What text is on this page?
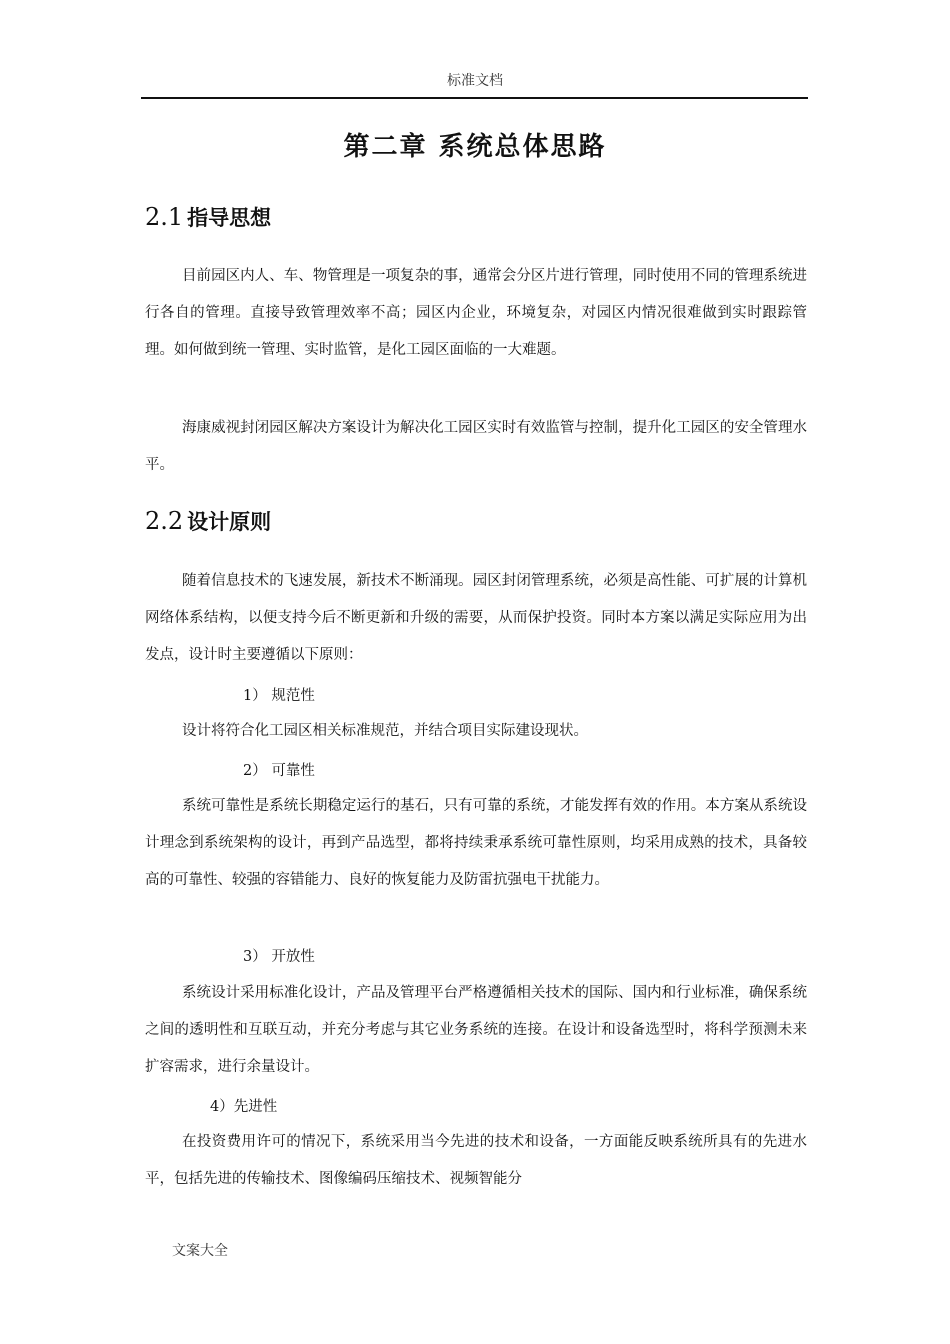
标准文档
第二章 系统总体思路
2.1 指导思想

目前园区内人、车、物管理是一项复杂的事，通常会分区片进行管理，同时使用不同的管理系统进行各自的管理。直接导致管理效率不高；园区内企业，环境复杂，对园区内情况很难做到实时跟踪管理。如何做到统一管理、实时监管，是化工园区面临的一大难题。

海康威视封闭园区解决方案设计为解决化工园区实时有效监管与控制，提升化工园区的安全管理水平。

2.2 设计原则

随着信息技术的飞速发展，新技术不断涌现。园区封闭管理系统，必须是高性能、可扩展的计算机网络体系结构，以便支持今后不断更新和升级的需要，从而保护投资。同时本方案以满足实际应用为出发点，设计时主要遵循以下原则：

1） 规范性

设计将符合化工园区相关标准规范，并结合项目实际建设现状。

2） 可靠性

系统可靠性是系统长期稳定运行的基石，只有可靠的系统，才能发挥有效的作用。本方案从系统设计理念到系统架构的设计，再到产品选型，都将持续秉承系统可靠性原则，均采用成熟的技术，具备较高的可靠性、较强的容错能力、良好的恢复能力及防雷抗强电干扰能力。

3） 开放性

系统设计采用标准化设计，产品及管理平台严格遵循相关技术的国际、国内和行业标准，确保系统之间的透明性和互联互动，并充分考虑与其它业务系统的连接。在设计和设备选型时，将科学预测未来扩容需求，进行余量设计。

4）先进性

在投资费用许可的情况下，系统采用当今先进的技术和设备，一方面能反映系统所具有的先进水平，包括先进的传输技术、图像编码压缩技术、视频智能分

文案大全
